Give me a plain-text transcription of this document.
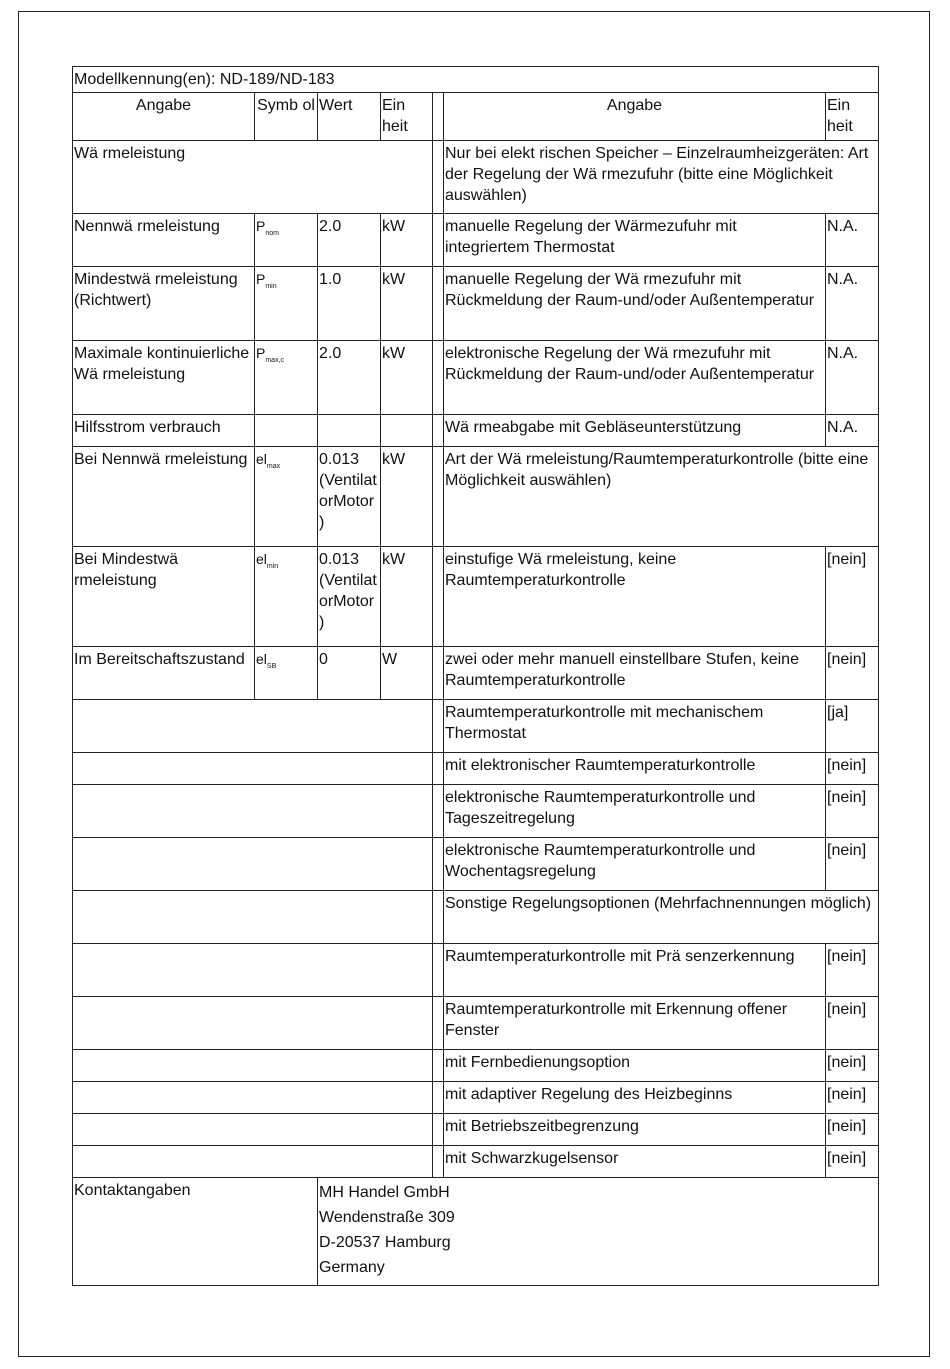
Modellkennung(en): ND-189/ND-183						
Angabe	Symb ol	Wert	Ein heit		Angabe	Ein heit
Wä rmeleistung					Nur bei elekt rischen Speicher – Einzelraumheizgeräten: Art der Regelung der Wä rmezufuhr (bitte eine Möglichkeit auswählen)	
Nennwä rmeleistung	$P_{nom}$	2.0	kW		manuelle Regelung der Wärmezufuhr mit integriertem Thermostat	N.A.
Mindestwä rmeleistung (Richtwert)	$P_{min}$	1.0	kW		manuelle Regelung der Wä rmezufuhr mit Rückmeldung der Raum-und/oder Außentemperatur	N.A.
Maximale kontinuierliche Wä rmeleistung	$P_{max,c}$	2.0	kW		elektronische Regelung der Wä rmezufuhr mit Rückmeldung der Raum-und/oder Außentemperatur	N.A.
Hilfsstrom verbrauch					Wä rmeabgabe mit Gebläseunterstützung	N.A.
Bei Nennwä rmeleistung	$el_{max}$	0.013 (VentilatorMotor)	kW		Art der Wä rmeleistung/Raumtemperaturkontrolle (bitte eine Möglichkeit auswählen)	
Bei Mindestwä rmeleistung	$el_{min}$	0.013 (VentilatorMotor)	kW		einstufige Wä rmeleistung, keine Raumtemperaturkontrolle	[nein]
Im Bereitschaftszustand	$el_{SB}$	0	W		zwei oder mehr manuell einstellbare Stufen, keine Raumtemperaturkontrolle	[nein]
					Raumtemperaturkontrolle mit mechanischem Thermostat	[ja]
					mit elektronischer Raumtemperaturkontrolle	[nein]
					elektronische Raumtemperaturkontrolle und Tageszeitregelung	[nein]
					elektronische Raumtemperaturkontrolle und Wochentagsregelung	[nein]
					Sonstige Regelungsoptionen (Mehrfachnennungen möglich)	
					Raumtemperaturkontrolle mit Prä senzerkennung	[nein]
					Raumtemperaturkontrolle mit Erkennung offener Fenster	[nein]
					mit Fernbedienungsoption	[nein]
					mit adaptiver Regelung des Heizbeginns	[nein]
					mit Betriebszeitbegrenzung	[nein]
					mit Schwarzkugelsensor	[nein]
Kontaktangaben		MH Handel GmbH
Wendenstraße 309
D-20537 Hamburg
Germany				
